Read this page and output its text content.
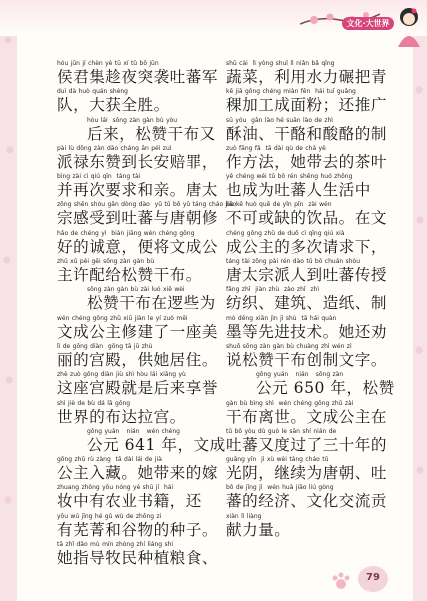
文化·大世界
hóu jūn jí chèn yè tū xí tǔ bō jūn
侯君集趁夜突袭吐蕃军
duì dà huò quán shèng
队，大获全胜。
hòu lái  sōng zàn gàn bù yòu
后来，松赞干布又
pài lù dōng zàn dào cháng ān péi zuì
派禄东赞到长安赔罪，
bìng zài cì qiú qīn  táng tài
并再次要求和亲。唐太
zōng shēn shòu gǎn dòng dào  yǔ tǔ bō yǔ táng cháo jiāo
宗感受到吐蕃与唐朝修
hǎo de chéng yì  biàn jiāng wén chéng gōng
好的诚意，便将文成公
zhǔ xǔ pèi gěi sōng zàn gàn bù
主许配给松赞干布。
sōng zàn gàn bù zài luó xiē wèi
松赞干布在逻些为
wén chéng gōng zhǔ xiū jiàn le yí zuò měi
文成公主修建了一座美
lì de gōng diàn  gōng tā jū zhù
丽的宫殿，供她居住。
zhè zuò gōng diàn jiù shì hòu lái xiǎng yù
这座宫殿就是后来享誉
shì jiè de bù dá lā gōng
世界的布达拉宫。
gōng yuán   nián   wén chéng
公元 641 年，文成
gōng zhǔ rù zàng  tā dài lái de jià
公主入藏。她带来的嫁
zhuang zhōng yǒu nóng yè shū jí  hái
妆中有农业书籍，还
yǒu wú jīng hé gǔ wù de zhǒng zi
有芜菁和谷物的种子。
tā zhǐ dǎo mù mín zhòng zhí liáng shi
她指导牧民种植粮食、
shū cài  lì yòng shuǐ lì niǎn bǎ qīng
蔬菜，利用水力碾把青
kē jiā gōng chéng miàn fěn  hái tuī guǎng
稞加工成面粉；还推广
sū yóu  gān lào hé suān lào de zhì
酥油、干酪和酸酪的制
zuò fāng fǎ  tā dài qù de chá yè
作方法，她带去的茶叶
yě chéng wéi tǔ bō rén shēng huó zhōng
也成为吐蕃人生活中
bù kě huò quē de yǐn pǐn  zài wén
不可或缺的饮品。在文
chéng gōng zhǔ de duō cì qǐng qiú xià
成公主的多次请求下，
táng tài zōng pài rén dào tǔ bō chuán shòu
唐太宗派人到吐蕃传授
fǎng zhī  jiàn zhù  zào zhǐ  zhì
纺织、建筑、造纸、制
mò děng xiān jìn jì shù  tā hái quàn
墨等先进技术。她还劝
shuō sōng zàn gàn bù chuàng zhì wén zì
说松赞干布创制文字。
gōng yuán   nián   sōng zàn
公元 650 年，松赞
gàn bù bìng shì  wén chéng gōng zhǔ zài
干布离世。文成公主在
tǔ bō yòu dù guò le sān shí nián de
吐蕃又度过了三十年的
guāng yīn  jì xù wèi táng cháo tǔ
光阴，继续为唐朝、吐
bō de jīng jì  wén huà jiāo liú gòng
蕃的经济、文化交流贡
xiàn lì liàng
献力量。
79
